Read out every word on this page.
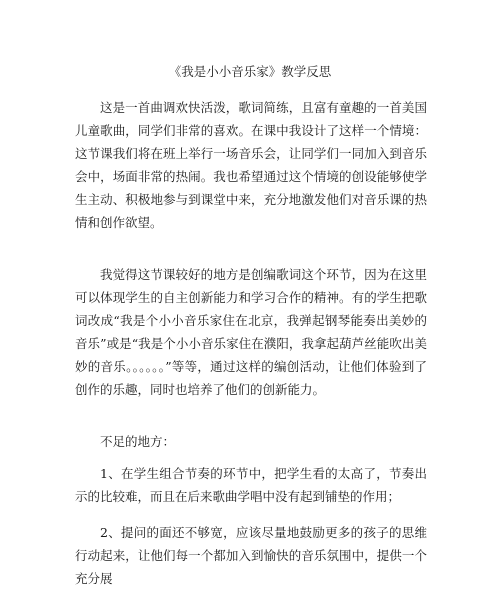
《我是小小音乐家》教学反思

这是一首曲调欢快活泼，歌词简练，且富有童趣的一首美国儿童歌曲，同学们非常的喜欢。在课中我设计了这样一个情境：这节课我们将在班上举行一场音乐会，让同学们一同加入到音乐会中，场面非常的热闹。我也希望通过这个情境的创设能够使学生主动、积极地参与到课堂中来，充分地激发他们对音乐课的热情和创作欲望。

我觉得这节课较好的地方是创编歌词这个环节，因为在这里可以体现学生的自主创新能力和学习合作的精神。有的学生把歌词改成“我是个小小音乐家住在北京，我弹起钢琴能奏出美妙的音乐”或是“我是个小小音乐家住在濮阳，我拿起葫芦丝能吹出美妙的音乐。。。。。。”等等，通过这样的编创活动，让他们体验到了创作的乐趣，同时也培养了他们的创新能力。

不足的地方：

1、在学生组合节奏的环节中，把学生看的太高了，节奏出示的比较难，而且在后来歌曲学唱中没有起到铺垫的作用；

2、提问的面还不够宽，应该尽量地鼓励更多的孩子的思维行动起来，让他们每一个都加入到愉快的音乐氛围中，提供一个充分展
